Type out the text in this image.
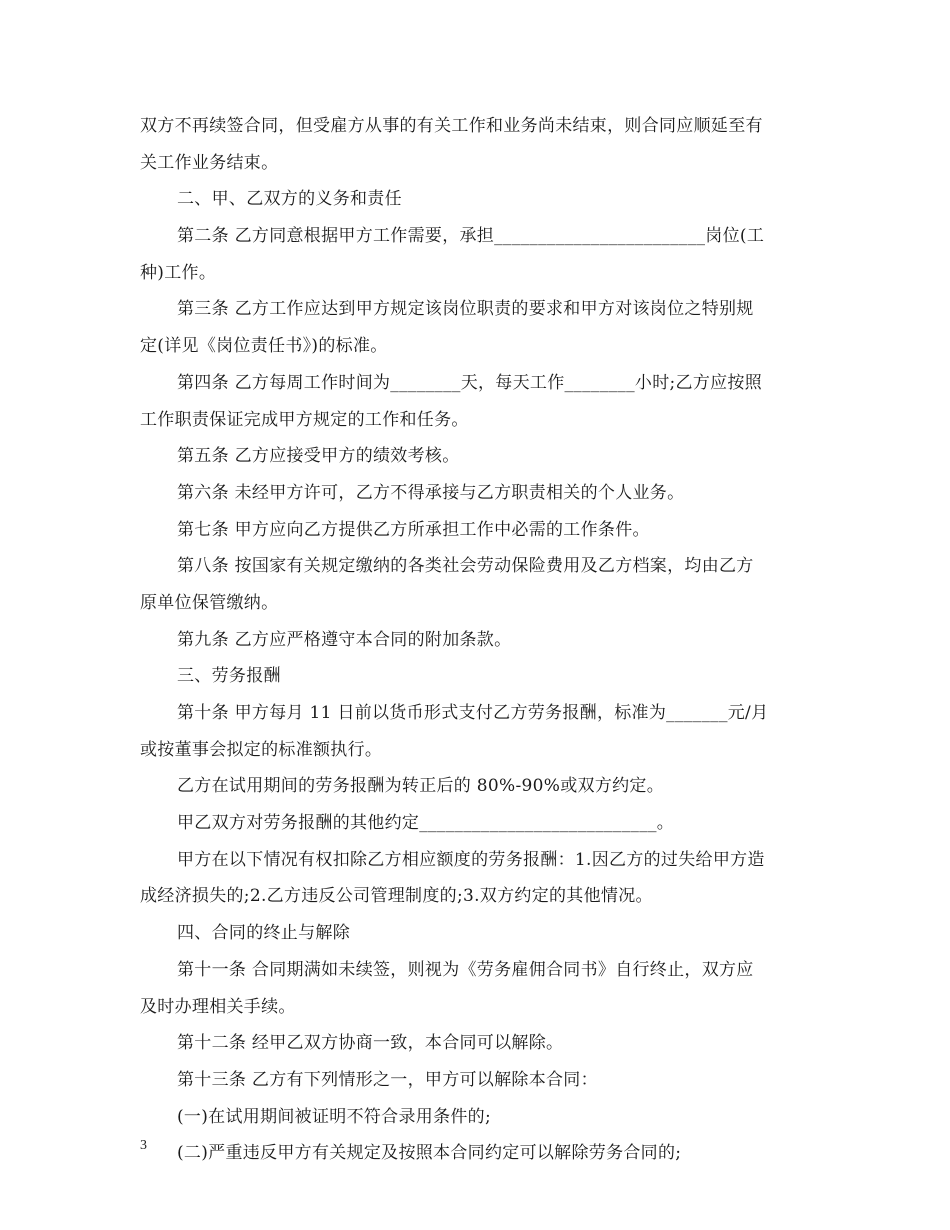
双方不再续签合同，但受雇方从事的有关工作和业务尚未结束，则合同应顺延至有
关工作业务结束。
二、甲、乙双方的义务和责任
第二条 乙方同意根据甲方工作需要，承担________________________岗位(工
种)工作。
第三条 乙方工作应达到甲方规定该岗位职责的要求和甲方对该岗位之特别规
定(详见《岗位责任书》)的标准。
第四条 乙方每周工作时间为________天，每天工作________小时;乙方应按照
工作职责保证完成甲方规定的工作和任务。
第五条 乙方应接受甲方的绩效考核。
第六条 未经甲方许可，乙方不得承接与乙方职责相关的个人业务。
第七条 甲方应向乙方提供乙方所承担工作中必需的工作条件。
第八条 按国家有关规定缴纳的各类社会劳动保险费用及乙方档案，均由乙方
原单位保管缴纳。
第九条 乙方应严格遵守本合同的附加条款。
三、劳务报酬
第十条 甲方每月 11 日前以货币形式支付乙方劳务报酬，标准为_______元/月
或按董事会拟定的标准额执行。
乙方在试用期间的劳务报酬为转正后的 80%-90%或双方约定。
甲乙双方对劳务报酬的其他约定___________________________。
甲方在以下情况有权扣除乙方相应额度的劳务报酬：1.因乙方的过失给甲方造
成经济损失的;2.乙方违反公司管理制度的;3.双方约定的其他情况。
四、合同的终止与解除
第十一条 合同期满如未续签，则视为《劳务雇佣合同书》自行终止，双方应
及时办理相关手续。
第十二条 经甲乙双方协商一致，本合同可以解除。
第十三条 乙方有下列情形之一，甲方可以解除本合同：
(一)在试用期间被证明不符合录用条件的;
(二)严重违反甲方有关规定及按照本合同约定可以解除劳务合同的;
3
